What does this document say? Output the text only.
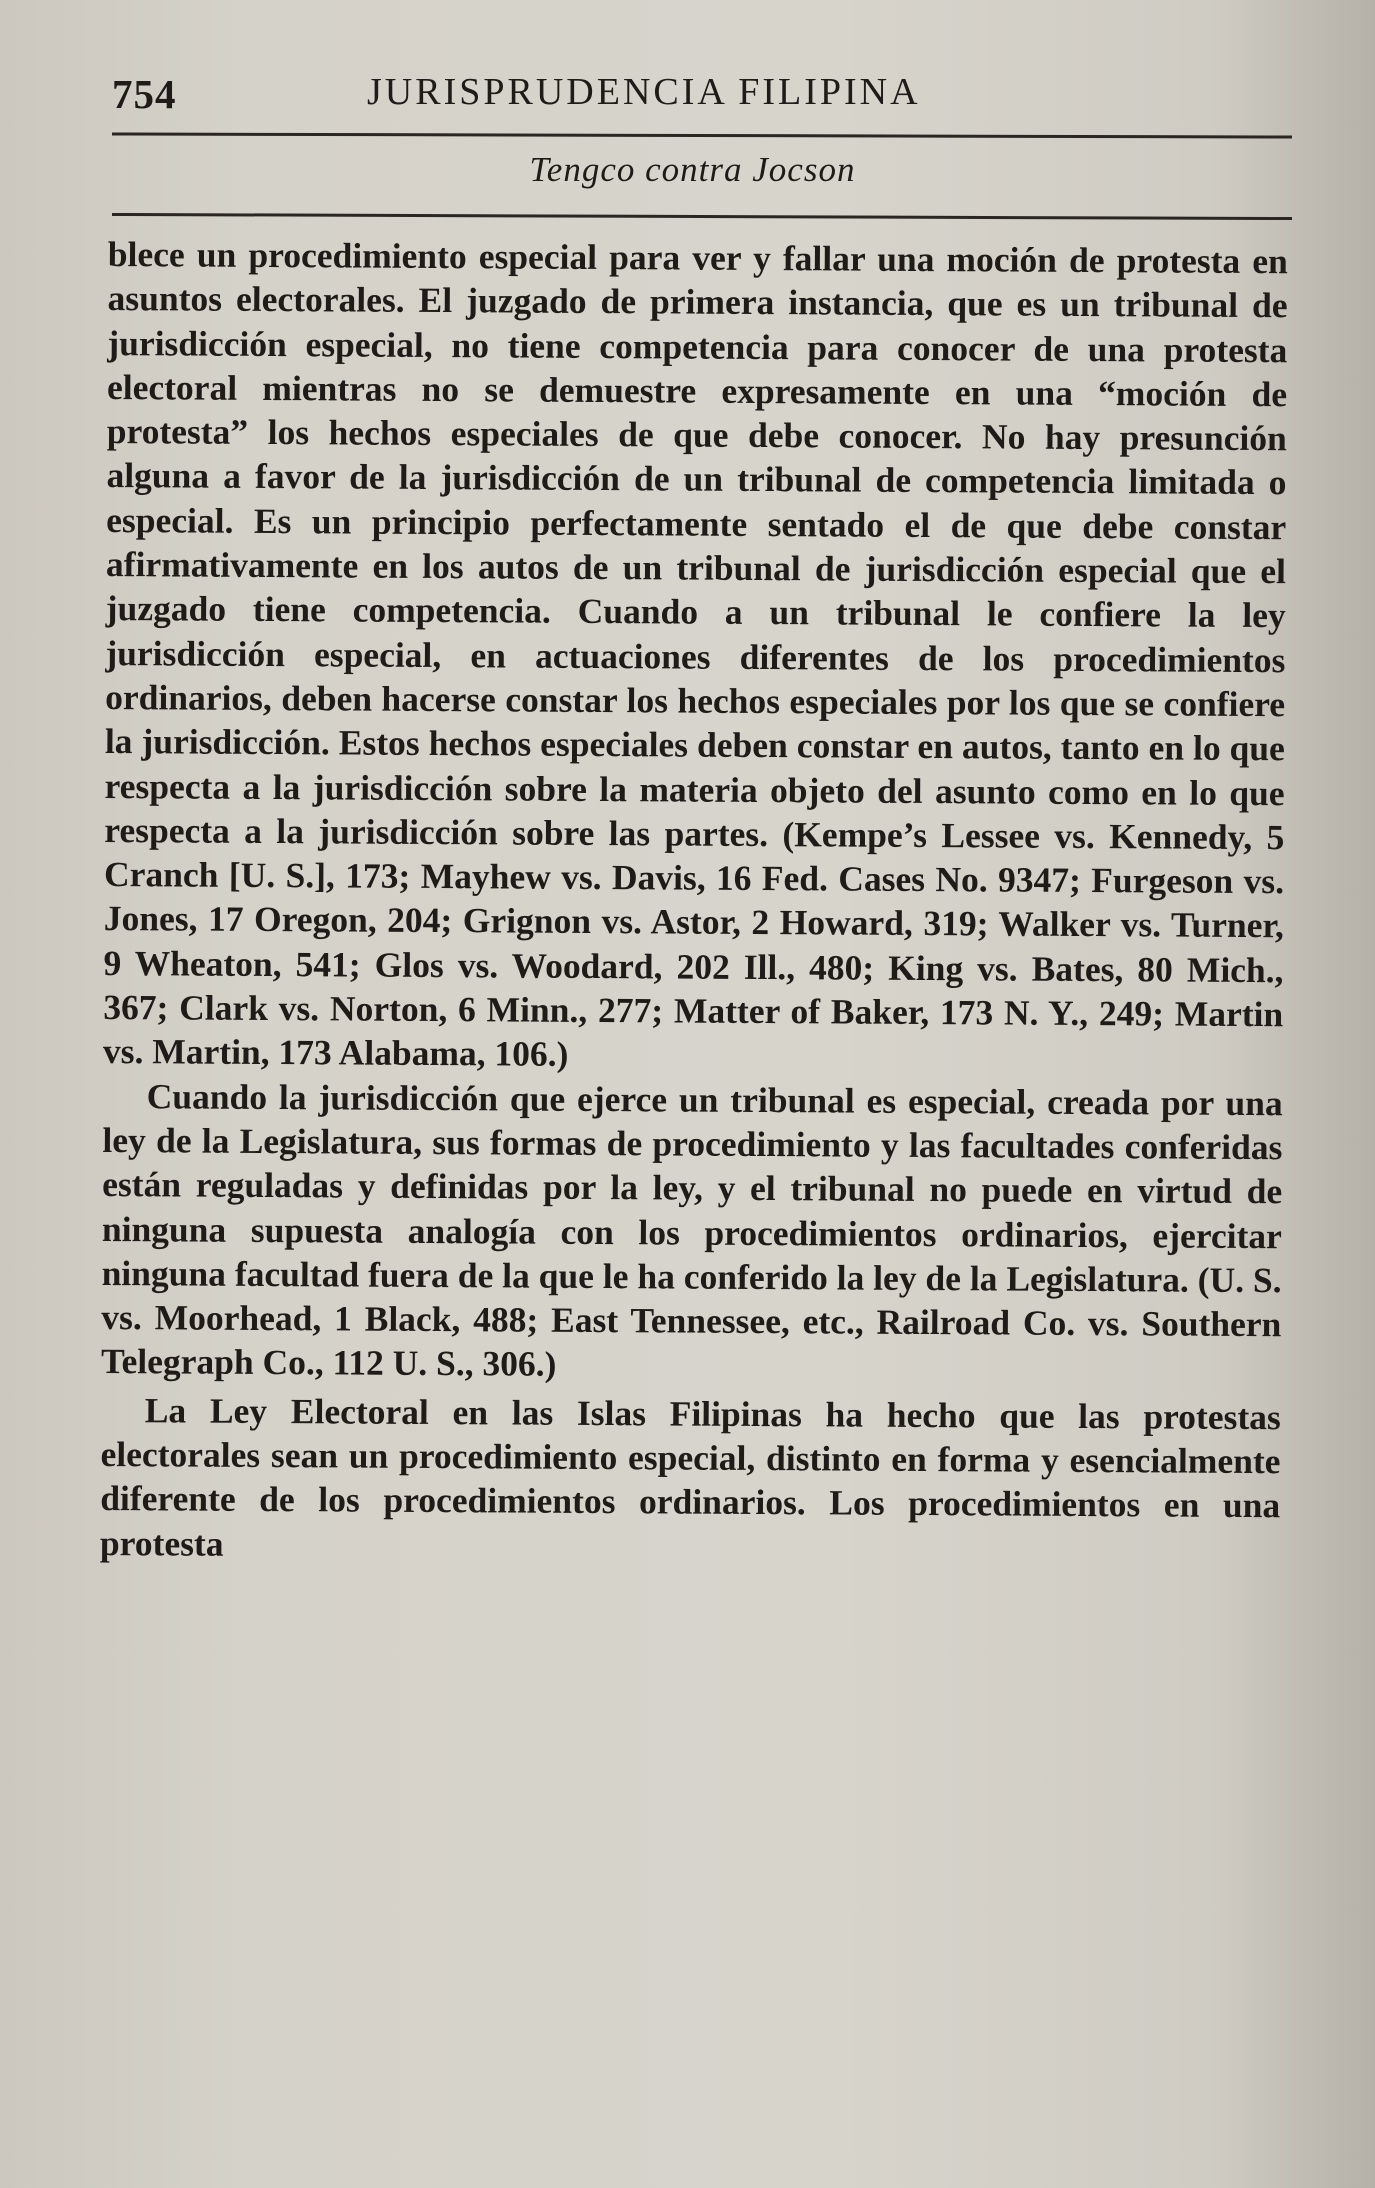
754	JURISPRUDENCIA FILIPINA
Tengco contra Jocson

blece un procedimiento especial para ver y fallar una moción de protesta en asuntos electorales. El juzgado de primera instancia, que es un tribunal de jurisdicción especial, no tiene competencia para conocer de una protesta electoral mientras no se demuestre expresamente en una “moción de protesta” los hechos especiales de que debe conocer. No hay presunción alguna a favor de la jurisdicción de un tribunal de competencia limitada o especial. Es un principio perfectamente sentado el de que debe constar afirmativamente en los autos de un tribunal de jurisdicción especial que el juzgado tiene competencia. Cuando a un tribunal le confiere la ley jurisdicción especial, en actuaciones diferentes de los procedimientos ordinarios, deben hacerse constar los hechos especiales por los que se confiere la jurisdicción. Estos hechos especiales deben constar en autos, tanto en lo que respecta a la jurisdicción sobre la materia objeto del asunto como en lo que respecta a la jurisdicción sobre las partes. (Kempe’s Lessee vs. Kennedy, 5 Cranch [U. S.], 173; Mayhew vs. Davis, 16 Fed. Cases No. 9347; Furgeson vs. Jones, 17 Oregon, 204; Grignon vs. Astor, 2 Howard, 319; Walker vs. Turner, 9 Wheaton, 541; Glos vs. Woodard, 202 Ill., 480; King vs. Bates, 80 Mich., 367; Clark vs. Norton, 6 Minn., 277; Matter of Baker, 173 N. Y., 249; Martin vs. Martin, 173 Alabama, 106.)

Cuando la jurisdicción que ejerce un tribunal es especial, creada por una ley de la Legislatura, sus formas de procedimiento y las facultades conferidas están reguladas y definidas por la ley, y el tribunal no puede en virtud de ninguna supuesta analogía con los procedimientos ordinarios, ejercitar ninguna facultad fuera de la que le ha conferido la ley de la Legislatura. (U. S. vs. Moorhead, 1 Black, 488; East Tennessee, etc., Railroad Co. vs. Southern Telegraph Co., 112 U. S., 306.)

La Ley Electoral en las Islas Filipinas ha hecho que las protestas electorales sean un procedimiento especial, distinto en forma y esencialmente diferente de los procedimientos ordinarios. Los procedimientos en una protesta
